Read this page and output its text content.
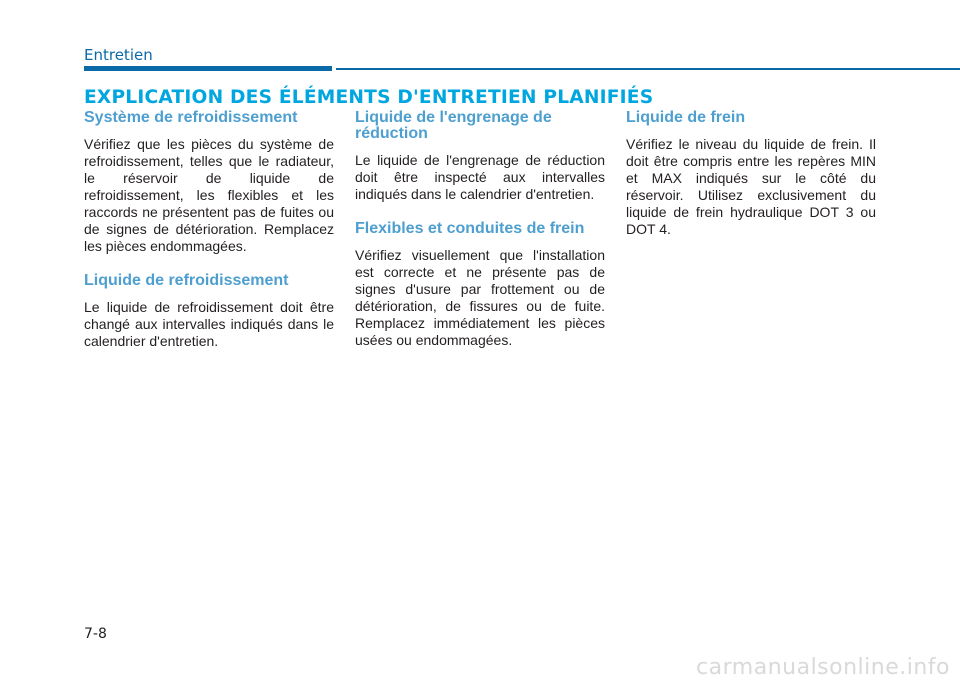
Entretien
EXPLICATION DES ÉLÉMENTS D'ENTRETIEN PLANIFIÉS
Système de refroidissement

Vérifiez que les pièces du système de refroidissement, telles que le radiateur, le réservoir de liquide de refroidissement, les flexibles et les raccords ne présentent pas de fuites ou de signes de détérioration. Remplacez les pièces endommagées.

Liquide de refroidissement

Le liquide de refroidissement doit être changé aux intervalles indiqués dans le calendrier d'entretien.

Liquide de l'engrenage de réduction

Le liquide de l'engrenage de réduction doit être inspecté aux intervalles indiqués dans le calendrier d'entretien.

Flexibles et conduites de frein

Vérifiez visuellement que l'installation est correcte et ne présente pas de signes d'usure par frottement ou de détérioration, de fissures ou de fuite. Remplacez immédiatement les pièces usées ou endommagées.

Liquide de frein

Vérifiez le niveau du liquide de frein. Il doit être compris entre les repères MIN et MAX indiqués sur le côté du réservoir. Utilisez exclusivement du liquide de frein hydraulique DOT 3 ou DOT 4.

7-8
carmanualsonline.info
